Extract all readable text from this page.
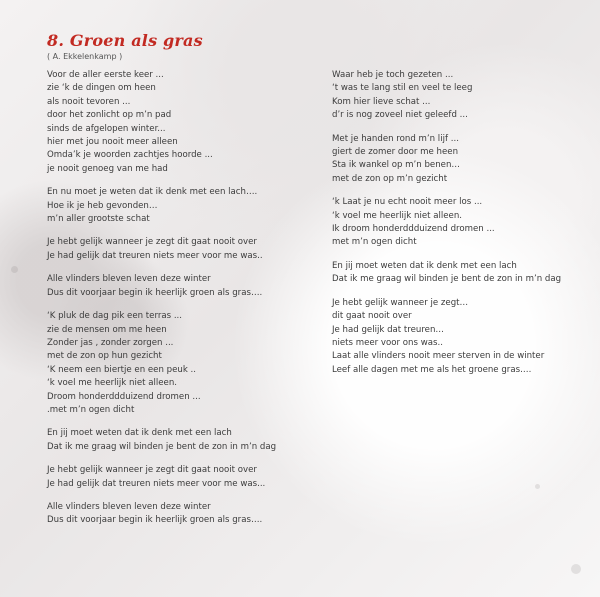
8. Groen als gras
( A. Ekkelenkamp )
Voor de aller eerste keer ...
zie ‘k de dingen om heen
als nooit tevoren ...
door het zonlicht op m’n pad
sinds de afgelopen winter...
hier met jou nooit meer alleen
Omda’k je woorden zachtjes hoorde ...
je nooit genoeg van me had
En nu moet je weten dat ik denk met een lach….
Hoe ik je heb gevonden…
m’n aller grootste schat
Je hebt gelijk wanneer je zegt dit gaat nooit over
Je had gelijk dat treuren niets meer voor me was..
Alle vlinders bleven leven deze winter
Dus dit voorjaar begin ik heerlijk groen als gras….
‘K pluk de dag pik een terras ...
zie de mensen om me heen
Zonder jas , zonder zorgen ...
met de zon op hun gezicht
‘K neem een biertje en een peuk ..
‘k voel me heerlijk niet alleen.
Droom honderddduizend dromen ...
.met m’n ogen dicht
En jij moet weten dat ik denk met een lach
Dat ik me graag wil binden je bent de zon in m’n dag
Je hebt gelijk wanneer je zegt dit gaat nooit over
Je had gelijk dat treuren niets meer voor me was...
Alle vlinders bleven leven deze winter
Dus dit voorjaar begin ik heerlijk groen als gras….
Waar heb je toch gezeten ...
‘t was te lang stil en veel te leeg
Kom hier lieve schat ...
d’r is nog zoveel niet geleefd ...
Met je handen rond m’n lijf ...
giert de zomer door me heen
Sta ik wankel op m’n benen…
met de zon op m’n gezicht
‘k Laat je nu echt nooit meer los ...
‘k voel me heerlijk niet alleen.
Ik droom honderddduizend dromen ...
met m’n ogen dicht
En jij moet weten dat ik denk met een lach
Dat ik me graag wil binden je bent de zon in m’n dag
Je hebt gelijk wanneer je zegt…
dit gaat nooit over
Je had gelijk dat treuren…
niets meer voor ons was..
Laat alle vlinders nooit meer sterven in de winter
Leef alle dagen met me als het groene gras….
